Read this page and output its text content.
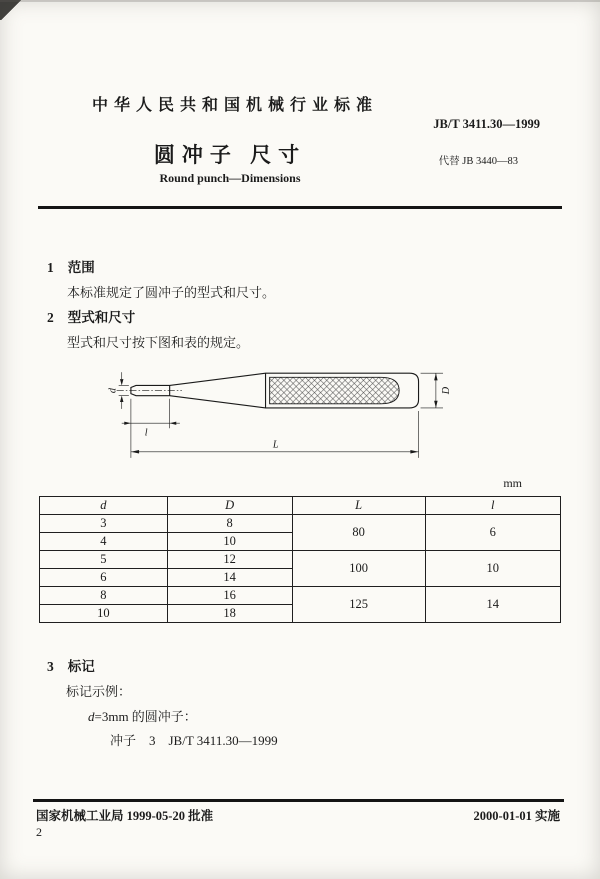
中华人民共和国机械行业标准
JB/T 3411.30—1999
圆冲子 尺寸	代替 JB 3440—83
Round punch—Dimensions
1 范围
本标准规定了圆冲子的型式和尺寸。
2 型式和尺寸
型式和尺寸按下图和表的规定。
d	D
l
L
mm
d	D	L	l
3	8	80	6
4	10		
5	12	100	10
6	14		
8	16	125	14
10	18		
3 标记
标记示例：
d=3mm 的圆冲子：
冲子　3　JB/T 3411.30—1999
国家机械工业局 1999-05-20 批准	2000-01-01 实施
2
